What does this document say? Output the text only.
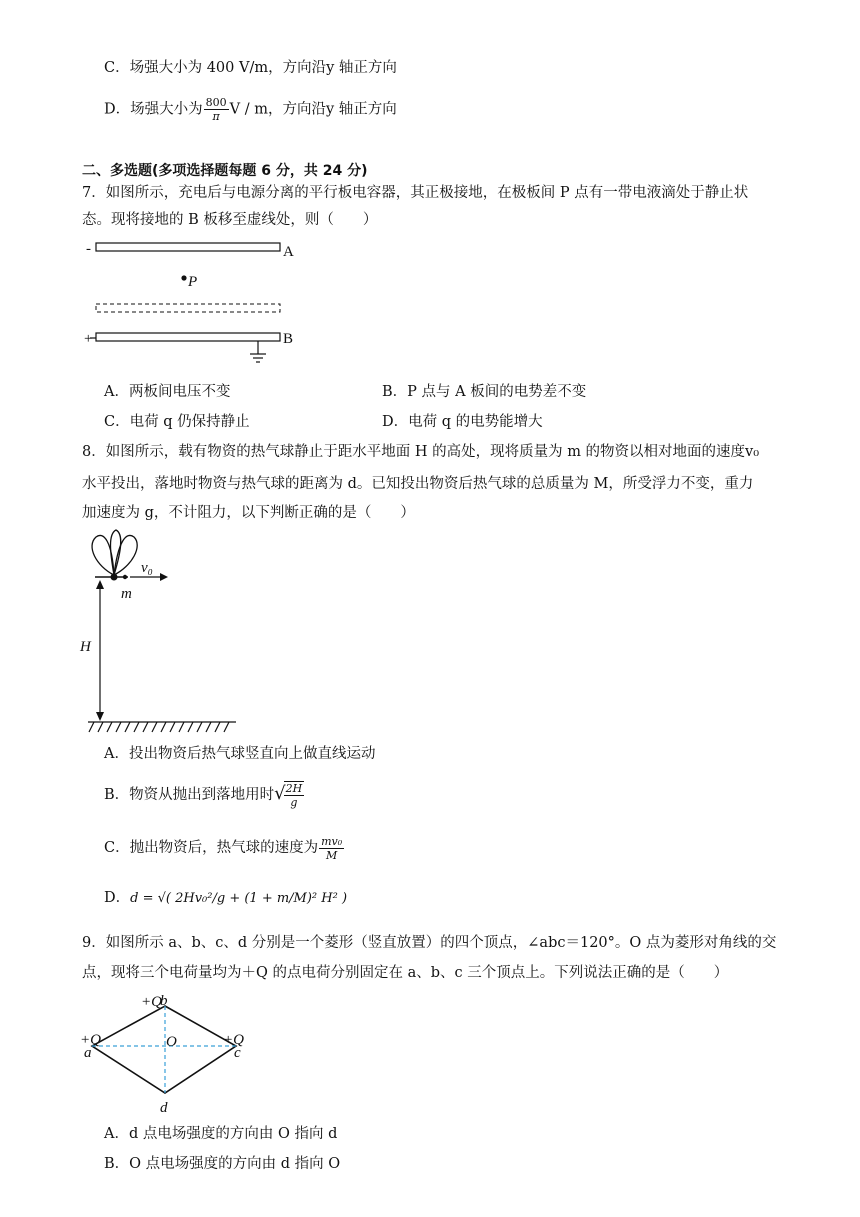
C．场强大小为 400 V/m，方向沿y 轴正方向
D．场强大小为 $\frac{800}{\pi}$ V / m，方向沿y 轴正方向
二、多选题(多项选择题每题 6 分，共 24 分)
7．如图所示，充电后与电源分离的平行板电容器，其正极接地，在极板间 P 点有一带电液滴处于静止状
态。现将接地的 B 板移至虚线处，则（　　）
-	A
P
+	B
A．两板间电压不变	B．P 点与 A 板间的电势差不变
C．电荷 q 仍保持静止	D．电荷 q 的电势能增大
8．如图所示，载有物资的热气球静止于距水平地面 H 的高处，现将质量为 m 的物资以相对地面的速度v₀
水平投出，落地时物资与热气球的距离为 d。已知投出物资后热气球的总质量为 M，所受浮力不变，重力
加速度为 g，不计阻力，以下判断正确的是（　　）
v₀
m
H
A．投出物资后热气球竖直向上做直线运动
B．物资从抛出到落地用时√
$\frac{2H}{g}$
C．抛出物资后，热气球的速度为 $\frac{\text{mv₀}}{M}$
D．d = √( 2Hv₀²/g + (1 + m/M)² H² )
9．如图所示 a、b、c、d 分别是一个菱形（竖直放置）的四个顶点，∠abc＝120°。O 点为菱形对角线的交
点，现将三个电荷量均为＋Q 的点电荷分别固定在 a、b、c 三个顶点上。下列说法正确的是（　　）
+Q
b
+Q
a
+Q
c
O
d
A．d 点电场强度的方向由 O 指向 d
B．O 点电场强度的方向由 d 指向 O
